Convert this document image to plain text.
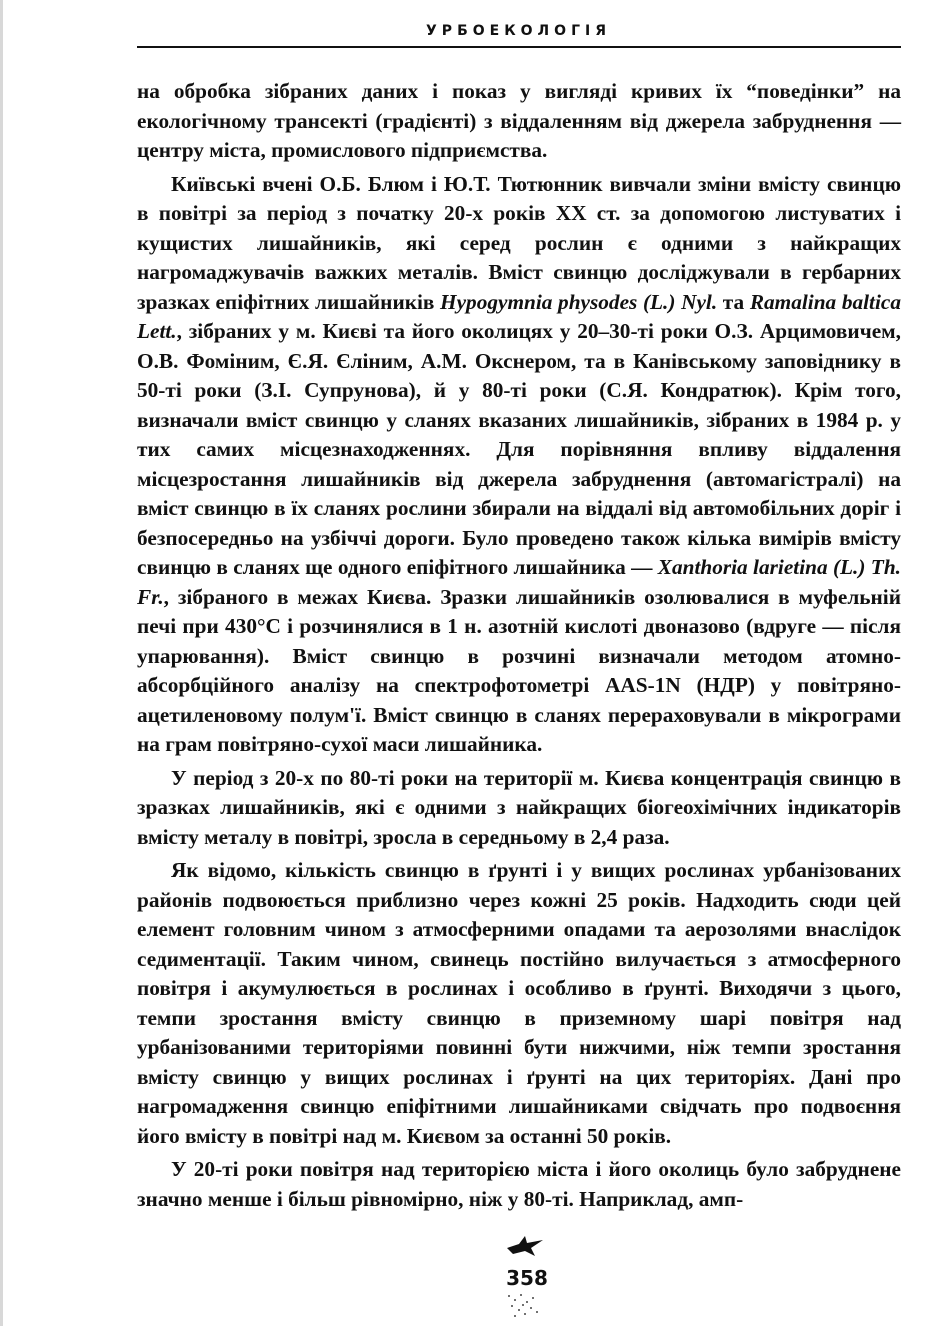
УРБОЕКОЛОГІЯ

на обробка зібраних даних і показ у вигляді кривих їх “поведінки” на екологічному трансекті (градієнті) з віддаленням від джерела забруднення — центру міста, промислового підприємства.

Київські вчені О.Б. Блюм і Ю.Т. Тютюнник вивчали зміни вмісту свинцю в повітрі за період з початку 20-х років XX ст. за допомогою листуватих і кущистих лишайників, які серед рослин є одними з найкращих нагромаджувачів важких металів. Вміст свинцю досліджували в гербарних зразках епіфітних лишайників Hypogymnia physodes (L.) Nyl. та Ramalina baltica Lett., зібраних у м. Києві та його околицях у 20–30-ті роки О.З. Арцимовичем, О.В. Фоміним, Є.Я. Єліним, А.М. Окснером, та в Канівському заповіднику в 50-ті роки (З.І. Супрунова), й у 80-ті роки (С.Я. Кондратюк). Крім того, визначали вміст свинцю у сланях вказаних лишайників, зібраних в 1984 р. у тих самих місцезнаходженнях. Для порівняння впливу віддалення місцезростання лишайників від джерела забруднення (автомагістралі) на вміст свинцю в їх сланях рослини збирали на віддалі від автомобільних доріг і безпосередньо на узбіччі дороги. Було проведено також кілька вимірів вмісту свинцю в сланях ще одного епіфітного лишайника — Xanthoria larietina (L.) Th. Fr., зібраного в межах Києва. Зразки лишайників озолювалися в муфельній печі при 430°С і розчинялися в 1 н. азотній кислоті двоназово (вдруге — після упарювання). Вміст свинцю в розчині визначали методом атомно-абсорбційного аналізу на спектрофотометрі AAS-1N (НДР) у повітряно-ацетиленовому полум'ї. Вміст свинцю в сланях перераховували в мікрограми на грам повітряно-сухої маси лишайника.

У період з 20-х по 80-ті роки на території м. Києва концентрація свинцю в зразках лишайників, які є одними з найкращих біогеохімічних індикаторів вмісту металу в повітрі, зросла в середньому в 2,4 раза.

Як відомо, кількість свинцю в ґрунті і у вищих рослинах урбанізованих районів подвоюється приблизно через кожні 25 років. Надходить сюди цей елемент головним чином з атмосферними опадами та аерозолями внаслідок седиментації. Таким чином, свинець постійно вилучається з атмосферного повітря і акумулюється в рослинах і особливо в ґрунті. Виходячи з цього, темпи зростання вмісту свинцю в приземному шарі повітря над урбанізованими територіями повинні бути нижчими, ніж темпи зростання вмісту свинцю у вищих рослинах і ґрунті на цих територіях. Дані про нагромадження свинцю епіфітними лишайниками свідчать про подвоєння його вмісту в повітрі над м. Києвом за останні 50 років.

У 20-ті роки повітря над територією міста і його околиць було забруднене значно менше і більш рівномірно, ніж у 80-ті. Наприклад, амп-

358
